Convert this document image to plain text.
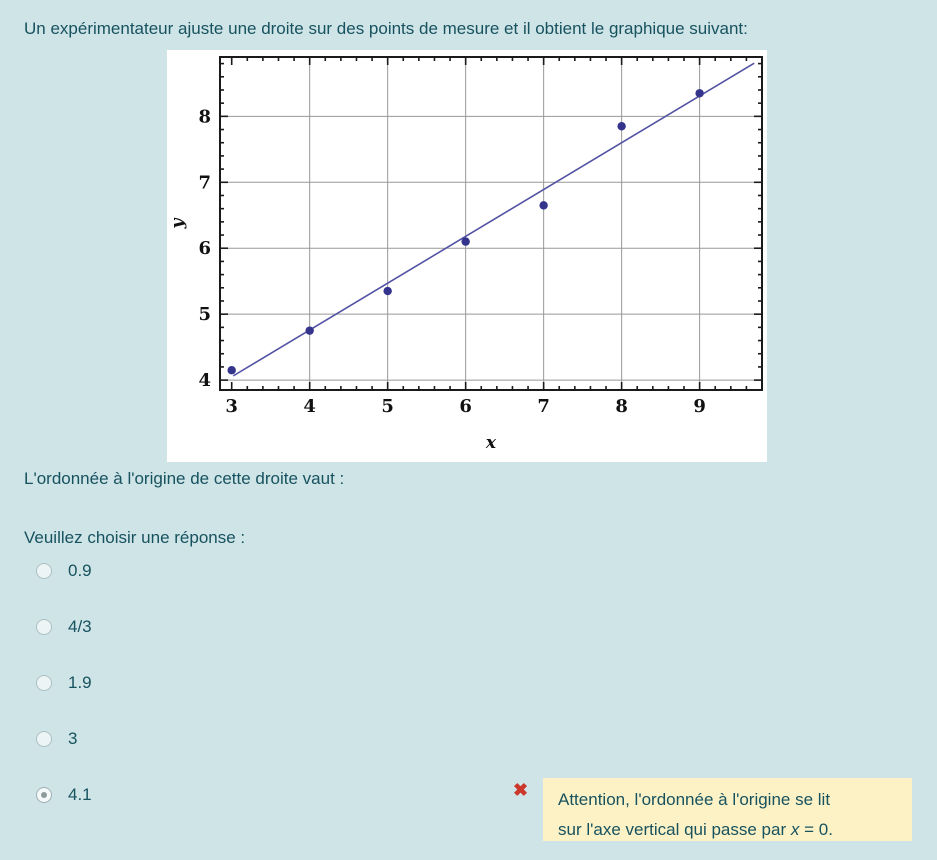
Un expérimentateur ajuste une droite sur des points de mesure et il obtient le graphique suivant:
3	4	5	6	7	8	9
4
5
6
7
8
x
y
L'ordonnée à l'origine de cette droite vaut :
Veuillez choisir une réponse :
0.9
4/3
1.9
3
4.1	✖ Attention, l'ordonnée à l'origine se lit
sur l'axe vertical qui passe par x = 0.
